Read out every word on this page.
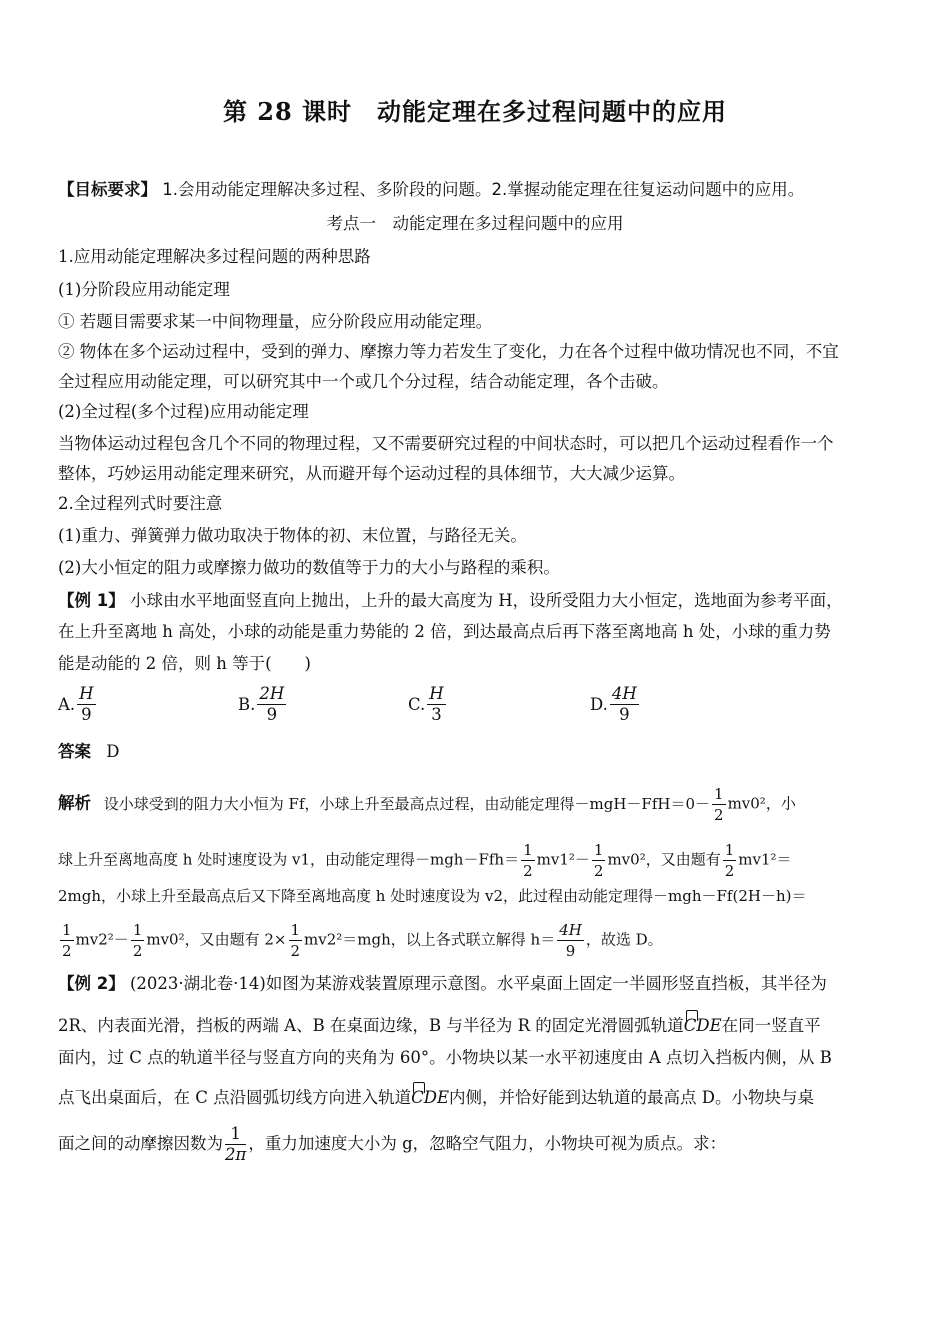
第 28 课时　动能定理在多过程问题中的应用
【目标要求】 1.会用动能定理解决多过程、多阶段的问题。2.掌握动能定理在往复运动问题中的应用。
考点一　动能定理在多过程问题中的应用
1.应用动能定理解决多过程问题的两种思路
(1)分阶段应用动能定理
① 若题目需要求某一中间物理量，应分阶段应用动能定理。
② 物体在多个运动过程中，受到的弹力、摩擦力等力若发生了变化，力在各个过程中做功情况也不同，不宜
全过程应用动能定理，可以研究其中一个或几个分过程，结合动能定理，各个击破。
(2)全过程(多个过程)应用动能定理
当物体运动过程包含几个不同的物理过程，又不需要研究过程的中间状态时，可以把几个运动过程看作一个
整体，巧妙运用动能定理来研究，从而避开每个运动过程的具体细节，大大减少运算。
2.全过程列式时要注意
(1)重力、弹簧弹力做功取决于物体的初、末位置，与路径无关。
(2)大小恒定的阻力或摩擦力做功的数值等于力的大小与路程的乘积。
【例 1】 小球由水平地面竖直向上抛出，上升的最大高度为 H，设所受阻力大小恒定，选地面为参考平面，
在上升至离地 h 高处，小球的动能是重力势能的 2 倍，到达最高点后再下落至离地高 h 处，小球的重力势
能是动能的 2 倍，则 h 等于(　　)
A. $\frac{H}{9}$	B. $\frac{2H}{9}$	C. $\frac{H}{3}$	D. $\frac{4H}{9}$
答案 D
解析 设小球受到的阻力大小恒为 Ff，小球上升至最高点过程，由动能定理得$-mgH-FfH=0- \frac{1}{2} mv0^2$，小
球上升至离地高度 h 处时速度设为 v1，由动能定理得$-mgh-Ffh= \frac{1}{2} mv1^2- \frac{1}{2} mv0^2$，又由题有 $\frac{1}{2} mv1^2=$
2mgh，小球上升至最高点后又下降至离地高度 h 处时速度设为 v2，此过程由动能定理得－mgh－Ff(2H－h)＝
$\frac{1}{2} mv2^2- \frac{1}{2} mv0^2$，又由题有 $2\times \frac{1}{2} mv2^2=mgh$，以上各式联立解得 $h= \frac{4H}{9}$ ，故选 D。
【例 2】 (2023·湖北卷·14)如图为某游戏装置原理示意图。水平桌面上固定一半圆形竖直挡板，其半径为
2R、内表面光滑，挡板的两端 A、B 在桌面边缘，B 与半径为 R 的固定光滑圆弧轨道CDE在同一竖直平
面内，过 C 点的轨道半径与竖直方向的夹角为 60°。小物块以某一水平初速度由 A 点切入挡板内侧，从 B
点飞出桌面后，在 C 点沿圆弧切线方向进入轨道CDE内侧，并恰好能到达轨道的最高点 D。小物块与桌
面之间的动摩擦因数为 $\frac{1}{2\pi}$ ，重力加速度大小为 g，忽略空气阻力，小物块可视为质点。求：
